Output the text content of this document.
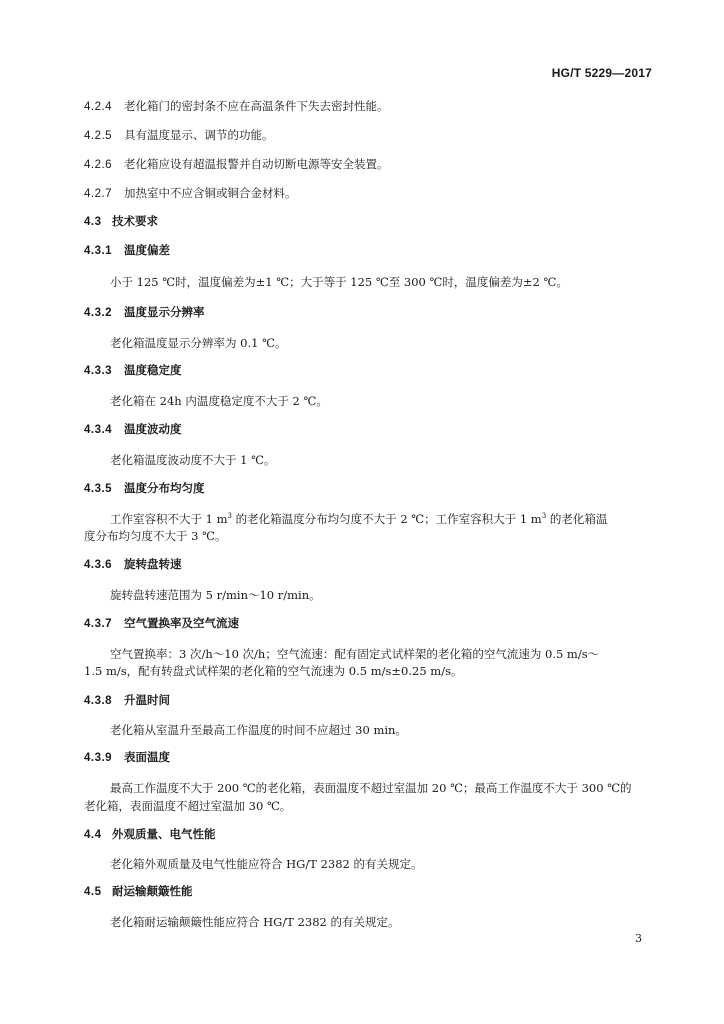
HG/T 5229—2017
4.2.4 老化箱门的密封条不应在高温条件下失去密封性能。
4.2.5 具有温度显示、调节的功能。
4.2.6 老化箱应设有超温报警并自动切断电源等安全装置。
4.2.7 加热室中不应含铜或铜合金材料。
4.3 技术要求
4.3.1 温度偏差
小于 125 ℃时，温度偏差为±1 ℃；大于等于 125 ℃至 300 ℃时，温度偏差为±2 ℃。
4.3.2 温度显示分辨率
老化箱温度显示分辨率为 0.1 ℃。
4.3.3 温度稳定度
老化箱在 24h 内温度稳定度不大于 2 ℃。
4.3.4 温度波动度
老化箱温度波动度不大于 1 ℃。
4.3.5 温度分布均匀度
工作室容积不大于 1 $m^3$ 的老化箱温度分布均匀度不大于 2 ℃；工作室容积大于 1 $m^3$ 的老化箱温
度分布均匀度不大于 3 ℃。
4.3.6 旋转盘转速
旋转盘转速范围为 5 r/min～10 r/min。
4.3.7 空气置换率及空气流速
空气置换率：3 次/h～10 次/h；空气流速：配有固定式试样架的老化箱的空气流速为 0.5 m/s～
1.5 m/s，配有转盘式试样架的老化箱的空气流速为 0.5 m/s±0.25 m/s。
4.3.8 升温时间
老化箱从室温升至最高工作温度的时间不应超过 30 min。
4.3.9 表面温度
最高工作温度不大于 200 ℃的老化箱，表面温度不超过室温加 20 ℃；最高工作温度不大于 300 ℃的
老化箱，表面温度不超过室温加 30 ℃。
4.4 外观质量、电气性能
老化箱外观质量及电气性能应符合 HG/T 2382 的有关规定。
4.5 耐运输颠簸性能
老化箱耐运输颠簸性能应符合 HG/T 2382 的有关规定。
3
